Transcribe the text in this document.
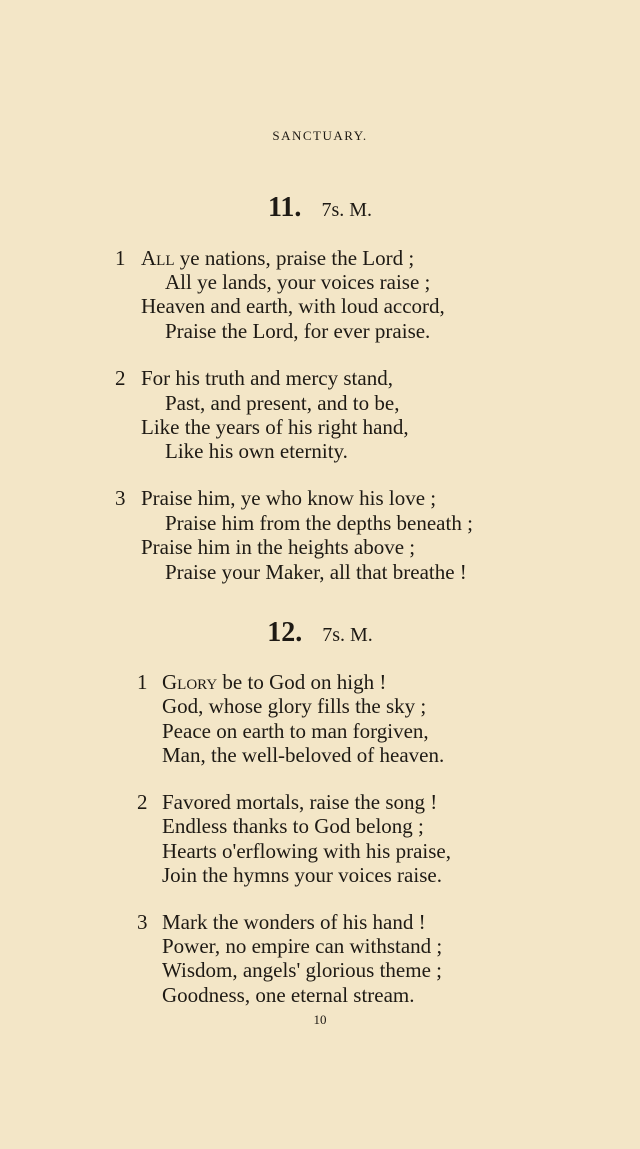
SANCTUARY.
11. 7s. M.
1 All ye nations, praise the Lord ;
All ye lands, your voices raise ;
Heaven and earth, with loud accord,
Praise the Lord, for ever praise.
2 For his truth and mercy stand,
Past, and present, and to be,
Like the years of his right hand,
Like his own eternity.
3 Praise him, ye who know his love ;
Praise him from the depths beneath ;
Praise him in the heights above ;
Praise your Maker, all that breathe !
12. 7s. M.
1 Glory be to God on high !
God, whose glory fills the sky ;
Peace on earth to man forgiven,
Man, the well-beloved of heaven.
2 Favored mortals, raise the song !
Endless thanks to God belong ;
Hearts o'erflowing with his praise,
Join the hymns your voices raise.
3 Mark the wonders of his hand !
Power, no empire can withstand ;
Wisdom, angels' glorious theme ;
Goodness, one eternal stream.
10
